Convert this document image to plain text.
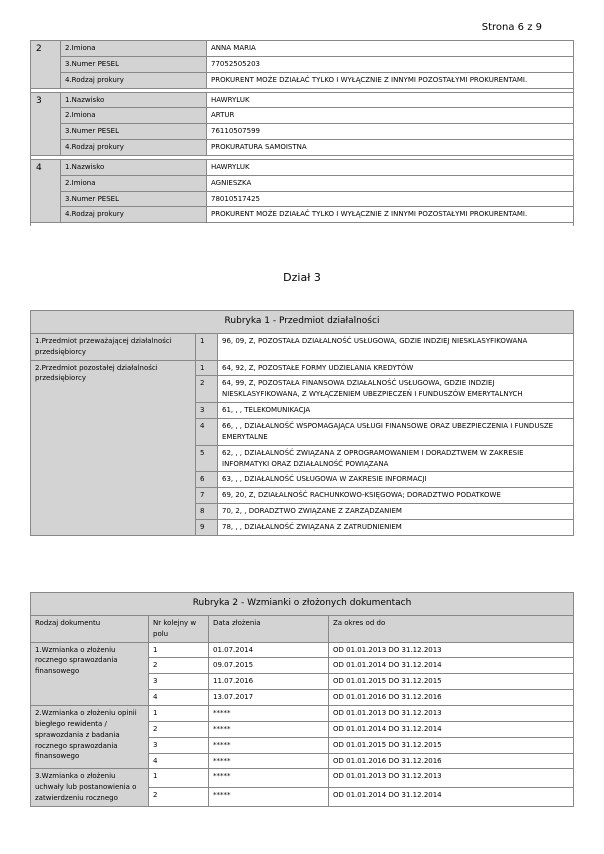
Strona 6 z 9
2	2.Imiona	ANNA MARIA
	3.Numer PESEL	77052505203
	4.Rodzaj prokury	PROKURENT MOŻE DZIAŁAĆ TYLKO I WYŁĄCZNIE Z INNYMI POZOSTAŁYMI PROKURENTAMI.

3	1.Nazwisko	HAWRYLUK
	2.Imiona	ARTUR
	3.Numer PESEL	76110507599
	4.Rodzaj prokury	PROKURATURA SAMOISTNA

4	1.Nazwisko	HAWRYLUK
	2.Imiona	AGNIESZKA
	3.Numer PESEL	78010517425
	4.Rodzaj prokury	PROKURENT MOŻE DZIAŁAĆ TYLKO I WYŁĄCZNIE Z INNYMI POZOSTAŁYMI PROKURENTAMI.

Dział 3
Rubryka 1 - Przedmiot działalności		
1.Przedmiot przeważającej działalności przedsiębiorcy	1	96, 09, Z, POZOSTAŁA DZIAŁALNOŚĆ USŁUGOWA, GDZIE INDZIEJ NIESKLASYFIKOWANA
2.Przedmiot pozostałej działalności przedsiębiorcy	1	64, 92, Z, POZOSTAŁE FORMY UDZIELANIA KREDYTÓW
	2	64, 99, Z, POZOSTAŁA FINANSOWA DZIAŁALNOŚĆ USŁUGOWA, GDZIE INDZIEJ NIESKLASYFIKOWANA, Z WYŁĄCZENIEM UBEZPIECZEŃ I FUNDUSZÓW EMERYTALNYCH
	3	61, , , TELEKOMUNIKACJA
	4	66, , , DZIAŁALNOŚĆ WSPOMAGAJĄCA USŁUGI FINANSOWE ORAZ UBEZPIECZENIA I FUNDUSZE EMERYTALNE
	5	62, , , DZIAŁALNOŚĆ ZWIĄZANA Z OPROGRAMOWANIEM I DORADZTWEM W ZAKRESIE INFORMATYKI ORAZ DZIAŁALNOŚĆ POWIĄZANA
	6	63, , , DZIAŁALNOŚĆ USŁUGOWA W ZAKRESIE INFORMACJI
	7	69, 20, Z, DZIAŁALNOŚĆ RACHUNKOWO-KSIĘGOWA; DORADZTWO PODATKOWE
	8	70, 2, , DORADZTWO ZWIĄZANE Z ZARZĄDZANIEM
	9	78, , , DZIAŁALNOŚĆ ZWIĄZANA Z ZATRUDNIENIEM
Rubryka 2 - Wzmianki o złożonych dokumentach			
Rodzaj dokumentu	Nr kolejny w polu	Data złożenia	Za okres od do
1.Wzmianka o złożeniu rocznego sprawozdania finansowego	1	01.07.2014	OD 01.01.2013 DO 31.12.2013
	2	09.07.2015	OD 01.01.2014 DO 31.12.2014
	3	11.07.2016	OD 01.01.2015 DO 31.12.2015
	4	13.07.2017	OD 01.01.2016 DO 31.12.2016
2.Wzmianka o złożeniu opinii biegłego rewidenta / sprawozdania z badania rocznego sprawozdania finansowego	1	*****	OD 01.01.2013 DO 31.12.2013
	2	*****	OD 01.01.2014 DO 31.12.2014
	3	*****	OD 01.01.2015 DO 31.12.2015
	4	*****	OD 01.01.2016 DO 31.12.2016
3.Wzmianka o złożeniu uchwały lub postanowienia o zatwierdzeniu rocznego	1	*****	OD 01.01.2013 DO 31.12.2013
	2	*****	OD 01.01.2014 DO 31.12.2014
